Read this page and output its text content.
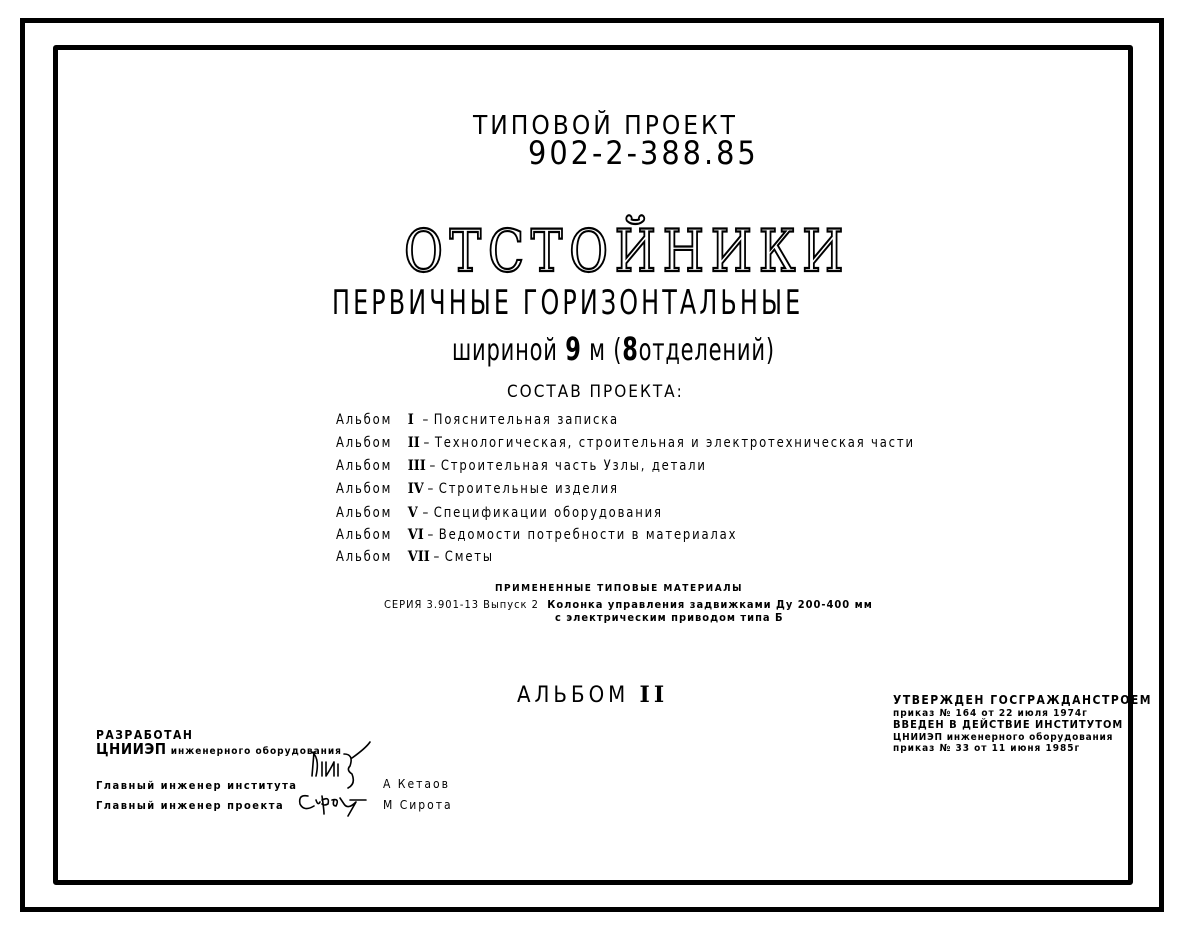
ТИПОВОЙ ПРОЕКТ
902-2-388.85
ОТСТОЙНИКИ
ПЕРВИЧНЫЕ ГОРИЗОНТАЛЬНЫЕ
шириной 9 м (8отделений)
СОСТАВ ПРОЕКТА:
Альбом I – Пояснительная записка
Альбом II – Технологическая, строительная и электротехническая части
Альбом III – Строительная часть Узлы, детали
Альбом IV – Строительные изделия
Альбом V – Спецификации оборудования
Альбом VI – Ведомости потребности в материалах
Альбом VII – Сметы
ПРИМЕНЕННЫЕ ТИПОВЫЕ МАТЕРИАЛЫ
СЕРИЯ 3.901-13 Выпуск 2 Колонка управления задвижками Ду 200-400 мм
с электрическим приводом типа Б
АЛЬБОМ II
РАЗРАБОТАН
ЦНИИЭП инженерного оборудования
Главный инженер института	А Кетаов
Главный инженер проекта	М Сирота
УТВЕРЖДЕН ГОСГРАЖДАНСТРОЕМ
приказ № 164 от 22 июля 1974г
ВВЕДЕН В ДЕЙСТВИЕ ИНСТИТУТОМ
ЦНИИЭП инженерного оборудования
приказ № 33 от 11 июня 1985г
